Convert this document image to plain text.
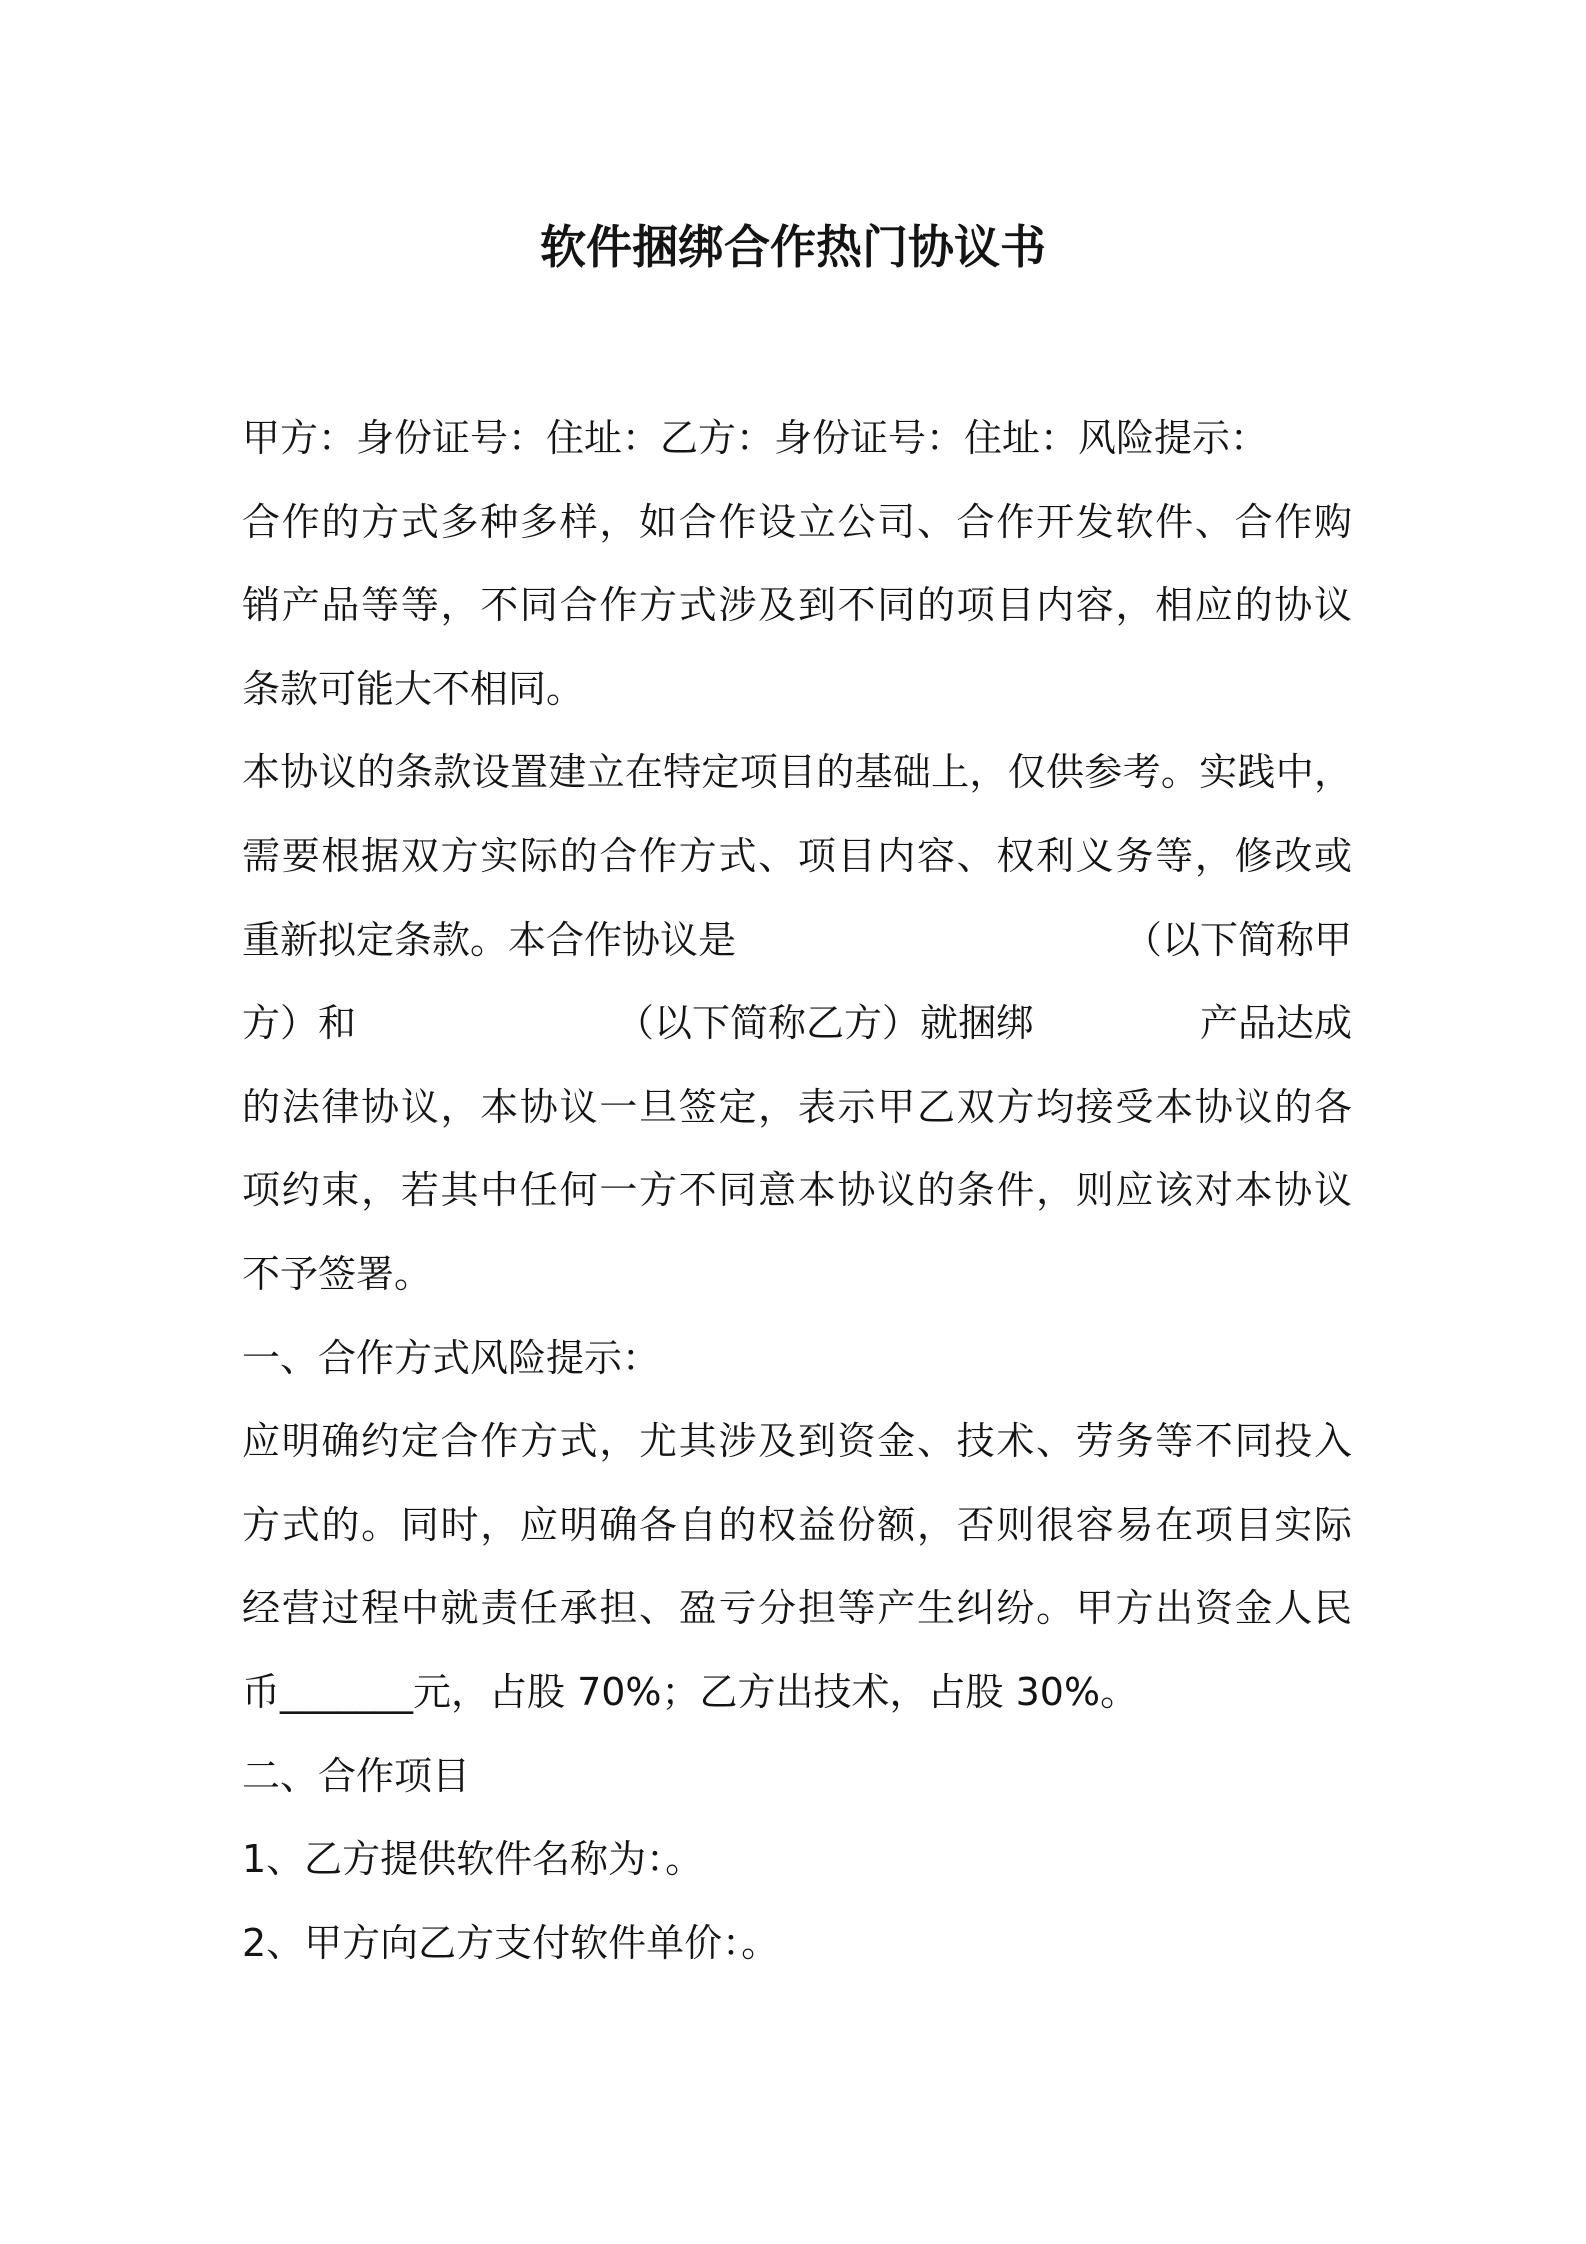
软件捆绑合作热门协议书
甲方：身份证号：住址：乙方：身份证号：住址：风险提示：
合作的方式多种多样，如合作设立公司、合作开发软件、合作购
销产品等等，不同合作方式涉及到不同的项目内容，相应的协议
条款可能大不相同。
本协议的条款设置建立在特定项目的基础上，仅供参考。实践中，
需要根据双方实际的合作方式、项目内容、权利义务等，修改或
重新拟定条款。本合作协议是	（以下简称甲
方）和	（以下简称乙方）就捆绑	产品达成
的法律协议，本协议一旦签定，表示甲乙双方均接受本协议的各
项约束，若其中任何一方不同意本协议的条件，则应该对本协议
不予签署。
一、合作方式风险提示：
应明确约定合作方式，尤其涉及到资金、技术、劳务等不同投入
方式的。同时，应明确各自的权益份额，否则很容易在项目实际
经营过程中就责任承担、盈亏分担等产生纠纷。甲方出资金人民
币_______元，占股 70%；乙方出技术，占股 30%。
二、合作项目
1、乙方提供软件名称为：。
2、甲方向乙方支付软件单价：。
